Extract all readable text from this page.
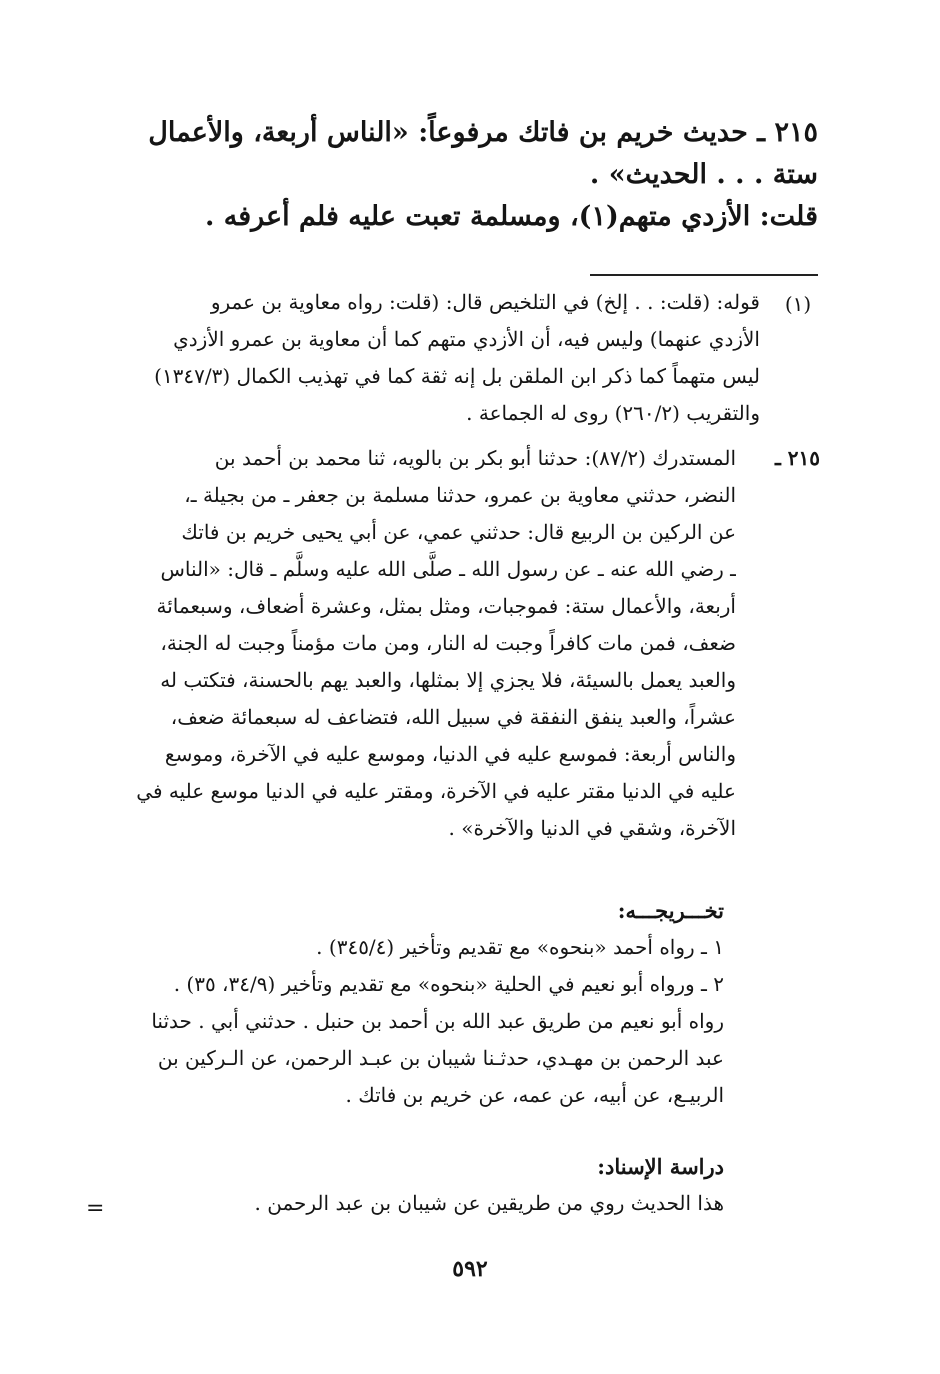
٢١٥ ـ حديث خريم بن فاتك مرفوعاً: «الناس أربعة، والأعمال
ستة . . . الحديث» .
قلت: الأزدي متهم(١)، ومسلمة تعبت عليه فلم أعرفه .
(١)
قوله: (قلت: . . إلخ) في التلخيص قال: (قلت: رواه معاوية بن عمرو
الأزدي عنهما) وليس فيه، أن الأزدي متهم كما أن معاوية بن عمرو الأزدي
ليس متهماً كما ذكر ابن الملقن بل إنه ثقة كما في تهذيب الكمال (١٣٤٧/٣)
والتقريب (٢٦٠/٢) روى له الجماعة .
٢١٥ ـ
المستدرك (٨٧/٢): حدثنا أبو بكر بن بالويه، ثنا محمد بن أحمد بن
النضر، حدثني معاوية بن عمرو، حدثنا مسلمة بن جعفر ـ من بجيلة ـ،
عن الركين بن الربيع قال: حدثني عمي، عن أبي يحيى خريم بن فاتك
ـ رضي الله عنه ـ عن رسول الله ـ صلَّى الله عليه وسلَّم ـ قال: «الناس
أربعة، والأعمال ستة: فموجبات، ومثل بمثل، وعشرة أضعاف، وسبعمائة
ضعف، فمن مات كافراً وجبت له النار، ومن مات مؤمناً وجبت له الجنة،
والعبد يعمل بالسيئة، فلا يجزي إلا بمثلها، والعبد يهم بالحسنة، فتكتب له
عشراً، والعبد ينفق النفقة في سبيل الله، فتضاعف له سبعمائة ضعف،
والناس أربعة: فموسع عليه في الدنيا، وموسع عليه في الآخرة، وموسع
عليه في الدنيا مقتر عليه في الآخرة، ومقتر عليه في الدنيا موسع عليه في
الآخرة، وشقي في الدنيا والآخرة» .
تخـــريجـــه:
١ ـ رواه أحمد «بنحوه» مع تقديم وتأخير (٣٤٥/٤) .
٢ ـ ورواه أبو نعيم في الحلية «بنحوه» مع تقديم وتأخير (٣٤/٩، ٣٥) .
رواه أبو نعيم من طريق عبد الله بن أحمد بن حنبل . حدثني أبي . حدثنا
عبد الرحمن بن مهـدي، حدثـنا شيبان بن عبـد الرحمن، عن الـركين بن
الربيـع، عن أبيه، عن عمه، عن خريم بن فاتك .
دراسة الإسناد:
هذا الحديث روي من طريقين عن شيبان بن عبد الرحمن .
=
٥٩٢
